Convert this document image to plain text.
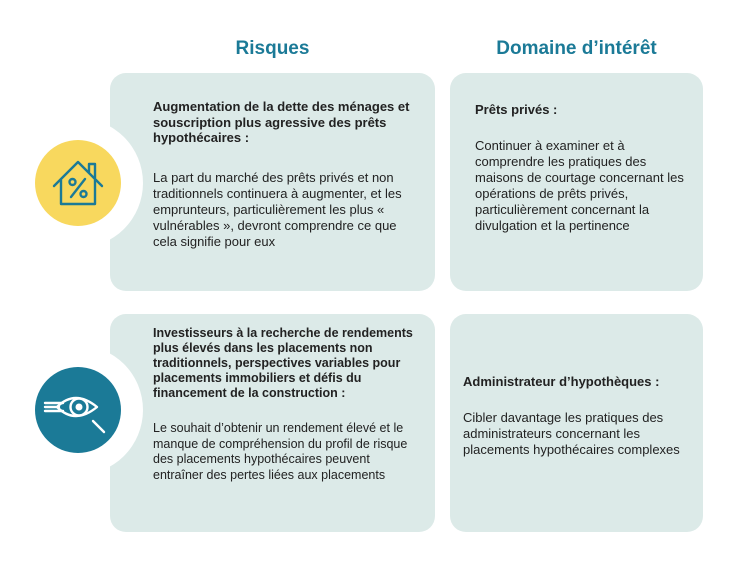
Risques	Domaine d’intérêt

Augmentation de la dette des ménages et souscription plus agressive des prêts hypothécaires :

La part du marché des prêts privés et non traditionnels continuera à augmenter, et les emprunteurs, particulièrement les plus « vulnérables », devront comprendre ce que cela signifie pour eux

Prêts privés :

Continuer à examiner et à comprendre les pratiques des maisons de courtage concernant les opérations de prêts privés, particulièrement concernant la divulgation et la pertinence

Investisseurs à la recherche de rendements plus élevés dans les placements non traditionnels, perspectives variables pour placements immobiliers et défis du financement de la construction :

Le souhait d’obtenir un rendement élevé et le manque de compréhension du profil de risque des placements hypothécaires peuvent entraîner des pertes liées aux placements

Administrateur d’hypothèques :

Cibler davantage les pratiques des administrateurs concernant les placements hypothécaires complexes
